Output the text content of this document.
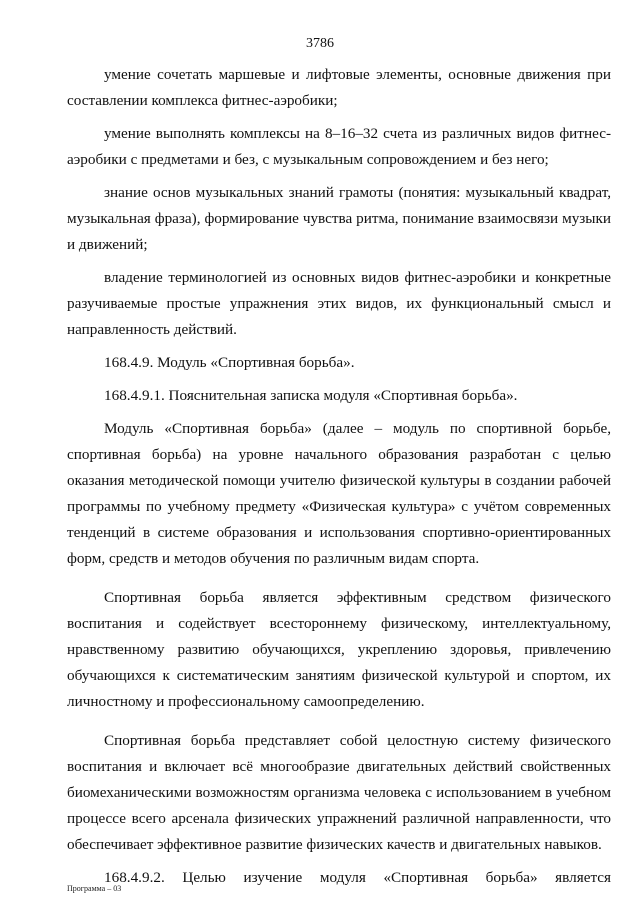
3786

умение сочетать маршевые и лифтовые элементы, основные движения при составлении комплекса фитнес-аэробики;

умение выполнять комплексы на 8–16–32 счета из различных видов фитнес-аэробики с предметами и без, с музыкальным сопровождением и без него;

знание основ музыкальных знаний грамоты (понятия: музыкальный квадрат, музыкальная фраза), формирование чувства ритма, понимание взаимосвязи музыки и движений;

владение терминологией из основных видов фитнес-аэробики и конкретные разучиваемые простые упражнения этих видов, их функциональный смысл и направленность действий.

168.4.9. Модуль «Спортивная борьба».

168.4.9.1. Пояснительная записка модуля «Спортивная борьба».

Модуль «Спортивная борьба» (далее – модуль по спортивной борьбе, спортивная борьба) на уровне начального образования разработан с целью оказания методической помощи учителю физической культуры в создании рабочей программы по учебному предмету «Физическая культура» с учётом современных тенденций в системе образования и использования спортивно-ориентированных форм, средств и методов обучения по различным видам спорта.

Спортивная борьба является эффективным средством физического воспитания и содействует всестороннему физическому, интеллектуальному, нравственному развитию обучающихся, укреплению здоровья, привлечению обучающихся к систематическим занятиям физической культурой и спортом, их личностному и профессиональному самоопределению.

Спортивная борьба представляет собой целостную систему физического воспитания и включает всё многообразие двигательных действий свойственных биомеханическими возможностям организма человека с использованием в учебном процессе всего арсенала физических упражнений различной направленности, что обеспечивает эффективное развитие физических качеств и двигательных навыков.

168.4.9.2. Целью изучение модуля «Спортивная борьба» является

Программа – 03
